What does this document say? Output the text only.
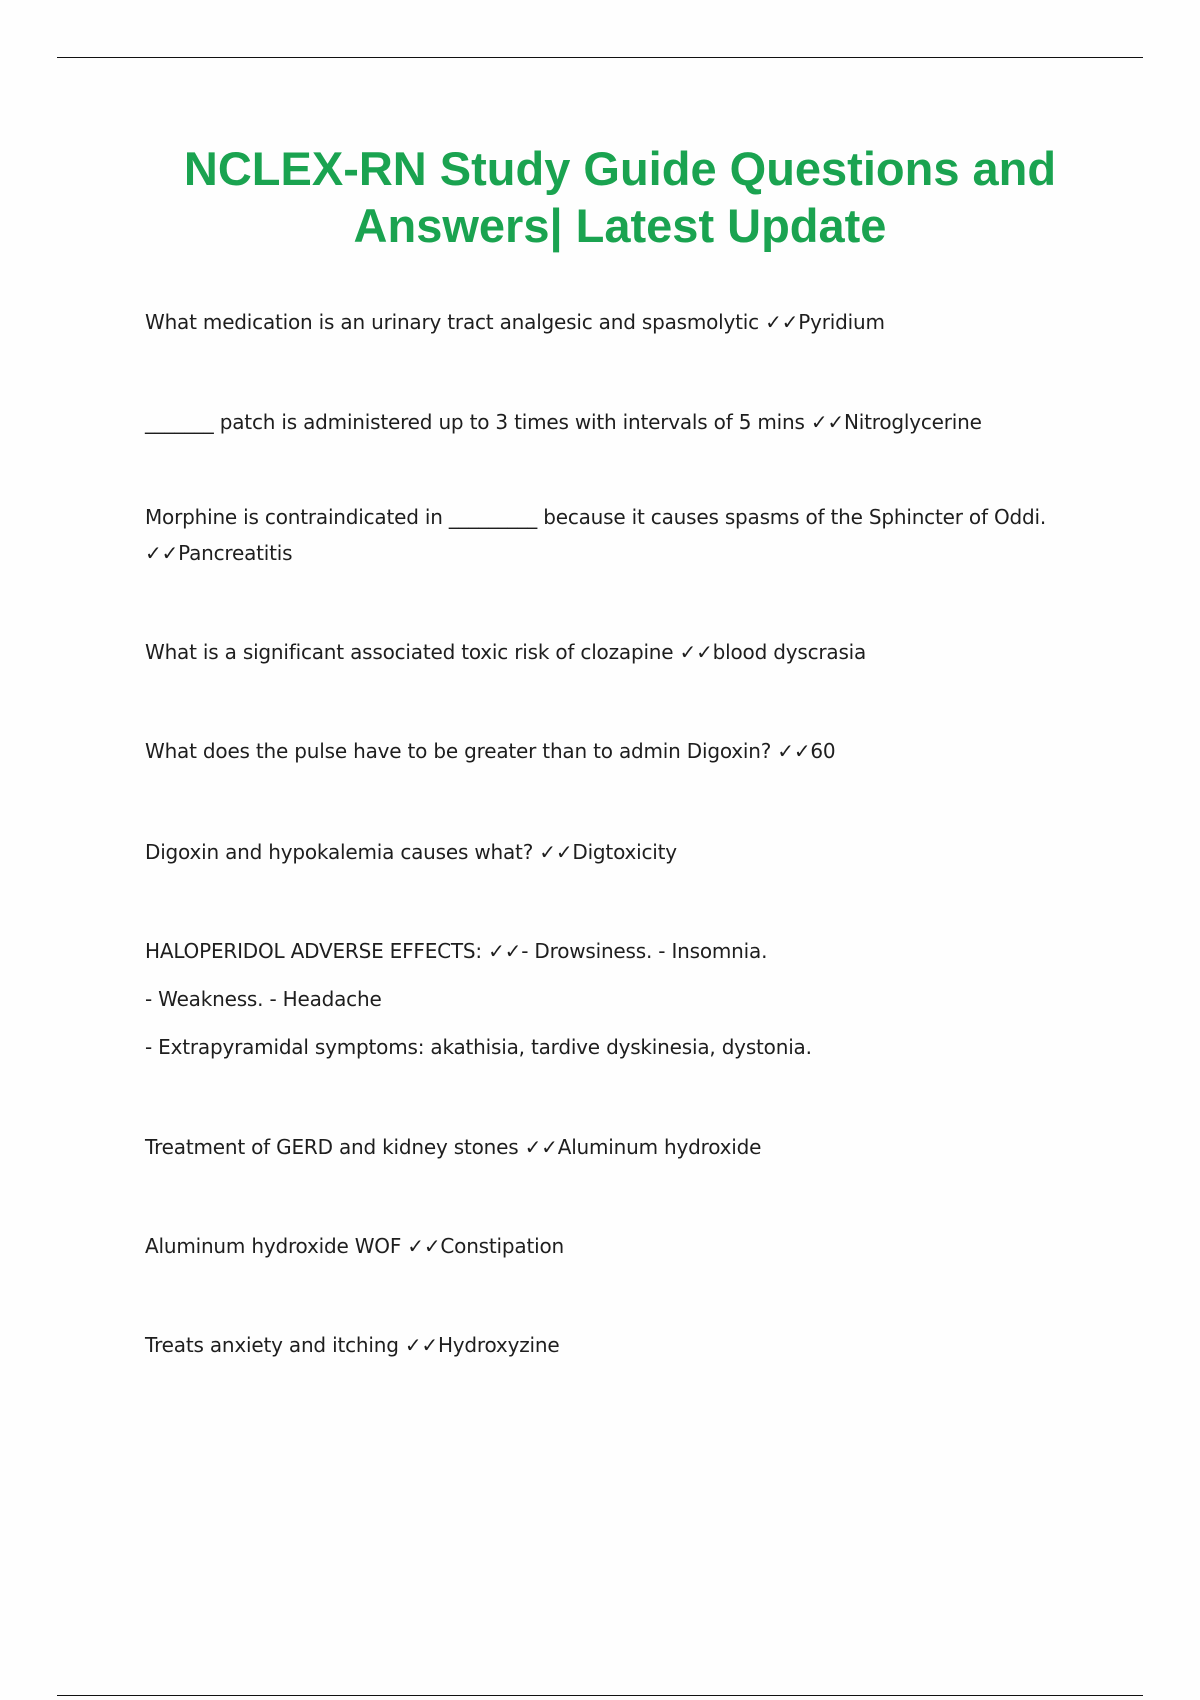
NCLEX-RN Study Guide Questions and
Answers| Latest Update

What medication is an urinary tract analgesic and spasmolytic ✓✓Pyridium

_______ patch is administered up to 3 times with intervals of 5 mins ✓✓Nitroglycerine

Morphine is contraindicated in _________ because it causes spasms of the Sphincter of Oddi.
✓✓Pancreatitis

What is a significant associated toxic risk of clozapine ✓✓blood dyscrasia

What does the pulse have to be greater than to admin Digoxin? ✓✓60

Digoxin and hypokalemia causes what? ✓✓Digtoxicity

HALOPERIDOL ADVERSE EFFECTS: ✓✓- Drowsiness. - Insomnia.
- Weakness. - Headache
- Extrapyramidal symptoms: akathisia, tardive dyskinesia, dystonia.

Treatment of GERD and kidney stones ✓✓Aluminum hydroxide

Aluminum hydroxide WOF ✓✓Constipation

Treats anxiety and itching ✓✓Hydroxyzine
